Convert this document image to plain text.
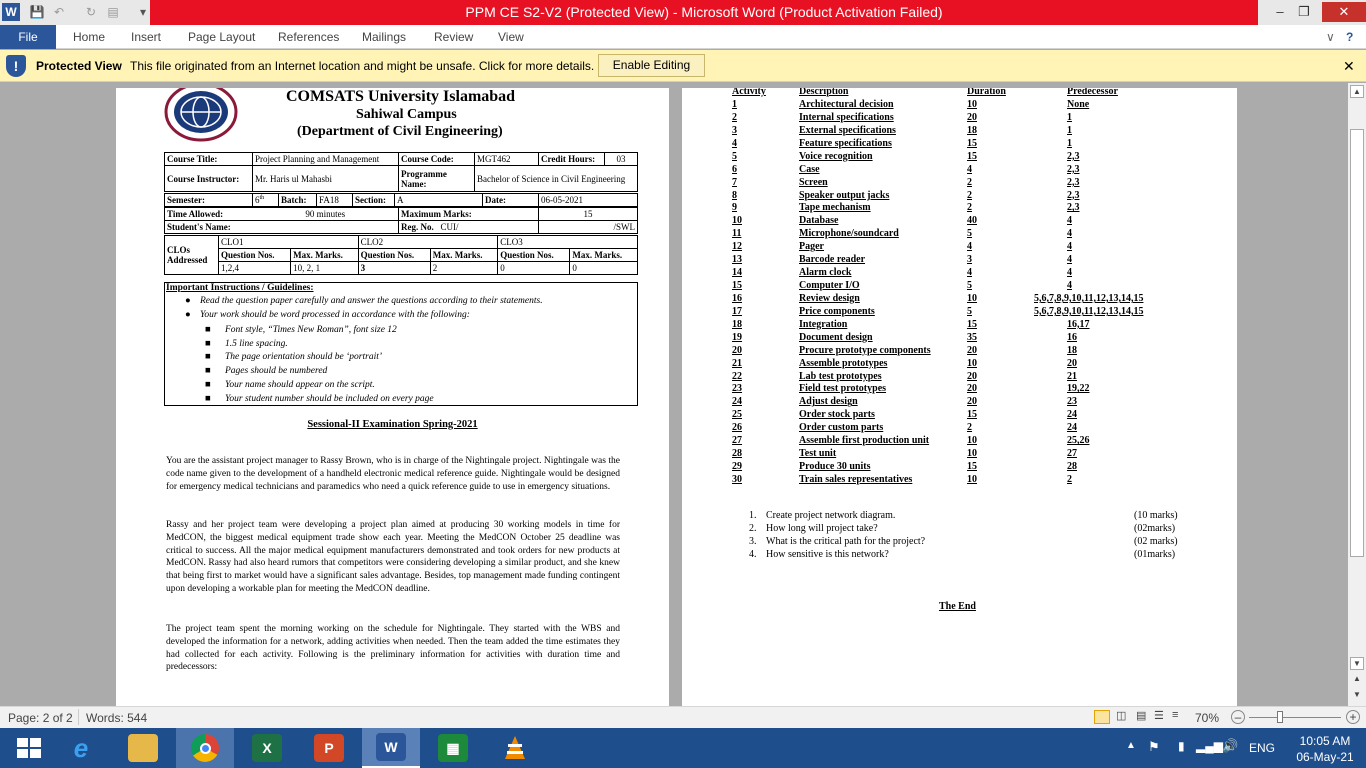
W 💾 ↶	↻ ▤	▾	PPM CE S2-V2 (Protected View) - Microsoft Word (Product Activation Failed)	–	❐	✕
File	Home Insert Page Layout References Mailings Review View	∨ ?
!	Protected View This file originated from an Internet location and might be unsafe. Click for more details.	Enable Editing	✕
COMSATS University Islamabad
Sahiwal Campus
(Department of Civil Engineering)
Course Title:	Project Planning and Management	Course Code:	MGT462	Credit Hours:	03
Course Instructor:	Mr. Haris ul Mahasbi	Programme Name:	Bachelor of Science in Civil Engineering		
Semester:	6th	Batch:	FA18	Section:	A	Date:	06-05-2021
Time Allowed:	90 minutes	Maximum Marks:	15
Student's Name:		Reg. No. CUI/	/SWL
CLOs Addressed	CLO1		CLO2		CLO3	
	Question Nos.	Max. Marks.	Question Nos.	Max. Marks.	Question Nos.	Max. Marks.
	1,2,4	10, 2, 1	3	2	0	0
Important Instructions / Guidelines:
● Read the question paper carefully and answer the questions according to their statements.
● Your work should be word processed in accordance with the following:
■ Font style, “Times New Roman”, font size 12
■ 1.5 line spacing.
■ The page orientation should be ‘portrait’
■ Pages should be numbered
■ Your name should appear on the script.
■ Your student number should be included on every page
Sessional-II Examination Spring-2021
You are the assistant project manager to Rassy Brown, who is in charge of the Nightingale project. Nightingale was the code name given to the development of a handheld electronic medical reference guide. Nightingale would be designed for emergency medical technicians and paramedics who need a quick reference guide to use in emergency situations.
Rassy and her project team were developing a project plan aimed at producing 30 working models in time for MedCON, the biggest medical equipment trade show each year. Meeting the MedCON October 25 deadline was critical to success. All the major medical equipment manufacturers demonstrated and took orders for new products at MedCON. Rassy had also heard rumors that competitors were considering developing a similar product, and she knew that being first to market would have a significant sales advantage. Besides, top management made funding contingent upon developing a workable plan for meeting the MedCON deadline.
The project team spent the morning working on the schedule for Nightingale. They started with the WBS and developed the information for a network, adding activities when needed. Then the team added the time estimates they had collected for each activity. Following is the preliminary information for activities with duration time and predecessors:
Activity	Description	Duration	Predecessor
1	Architectural decision	10	None
2	Internal specifications	20	1
3	External specifications	18	1
4	Feature specifications	15	1
5	Voice recognition	15	2,3
6	Case	4	2,3
7	Screen	2	2,3
8	Speaker output jacks	2	2,3
9	Tape mechanism	2	2,3
10	Database	40	4
11	Microphone/soundcard	5	4
12	Pager	4	4
13	Barcode reader	3	4
14	Alarm clock	4	4
15	Computer I/O	5	4
16	Review design	10	5,6,7,8,9,10,11,12,13,14,15
17	Price components	5	5,6,7,8,9,10,11,12,13,14,15
18	Integration	15	16,17
19	Document design	35	16
20	Procure prototype components	20	18
21	Assemble prototypes	10	20
22	Lab test prototypes	20	21
23	Field test prototypes	20	19,22
24	Adjust design	20	23
25	Order stock parts	15	24
26	Order custom parts	2	24
27	Assemble first production unit	10	25,26
28	Test unit	10	27
29	Produce 30 units	15	28
30	Train sales representatives	10	2
1. Create project network diagram.	(10 marks)
2. How long will project take?	(02marks)
3. What is the critical path for the project?	(02 marks)
4. How sensitive is this network?	(01marks)
The End
▲
▼
▲
▼
Page: 2 of 2 Words: 544	◫ ▤ ☰ ≡ 70%	–	+
e	X	P	W	▦	▲ ⚑ ▮ ▂▄▆ 🔊 ENG	10:05 AM
06-May-21
